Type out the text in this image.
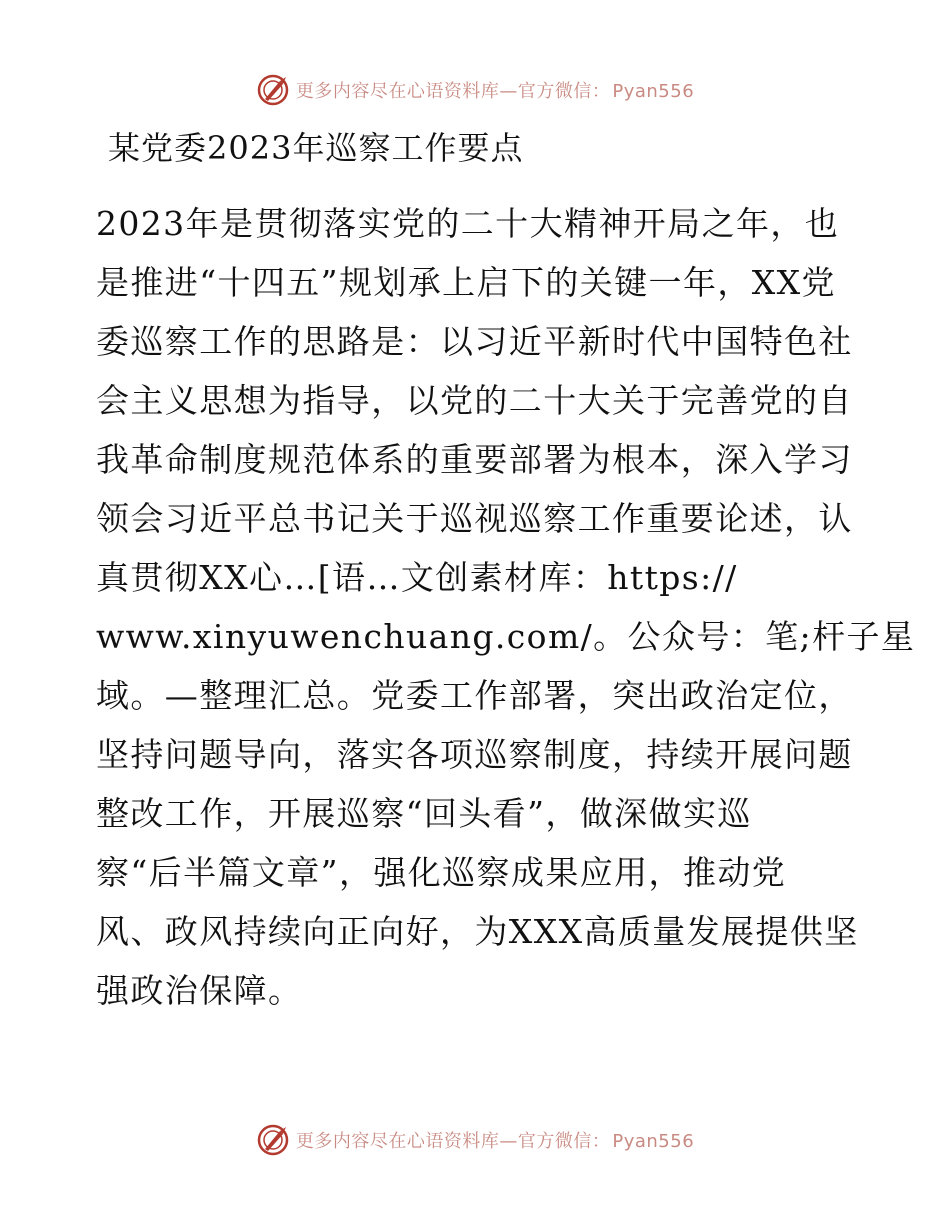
更多内容尽在心语资料库—官方微信： Pyan556
某党委2023年巡察工作要点
2023年是贯彻落实党的二十大精神开局之年，也
是推进“十四五”规划承上启下的关键一年，XX党
委巡察工作的思路是：以习近平新时代中国特色社
会主义思想为指导，以党的二十大关于完善党的自
我革命制度规范体系的重要部署为根本，深入学习
领会习近平总书记关于巡视巡察工作重要论述，认
真贯彻XX心…[语…文创素材库：https://
www.xinyuwenchuang.com/。公众号：笔;杆子星
域。—整理汇总。党委工作部署，突出政治定位，
坚持问题导向，落实各项巡察制度，持续开展问题
整改工作，开展巡察“回头看”，做深做实巡
察“后半篇文章”，强化巡察成果应用，推动党
风、政风持续向正向好，为XXX高质量发展提供坚
强政治保障。
更多内容尽在心语资料库—官方微信： Pyan556
